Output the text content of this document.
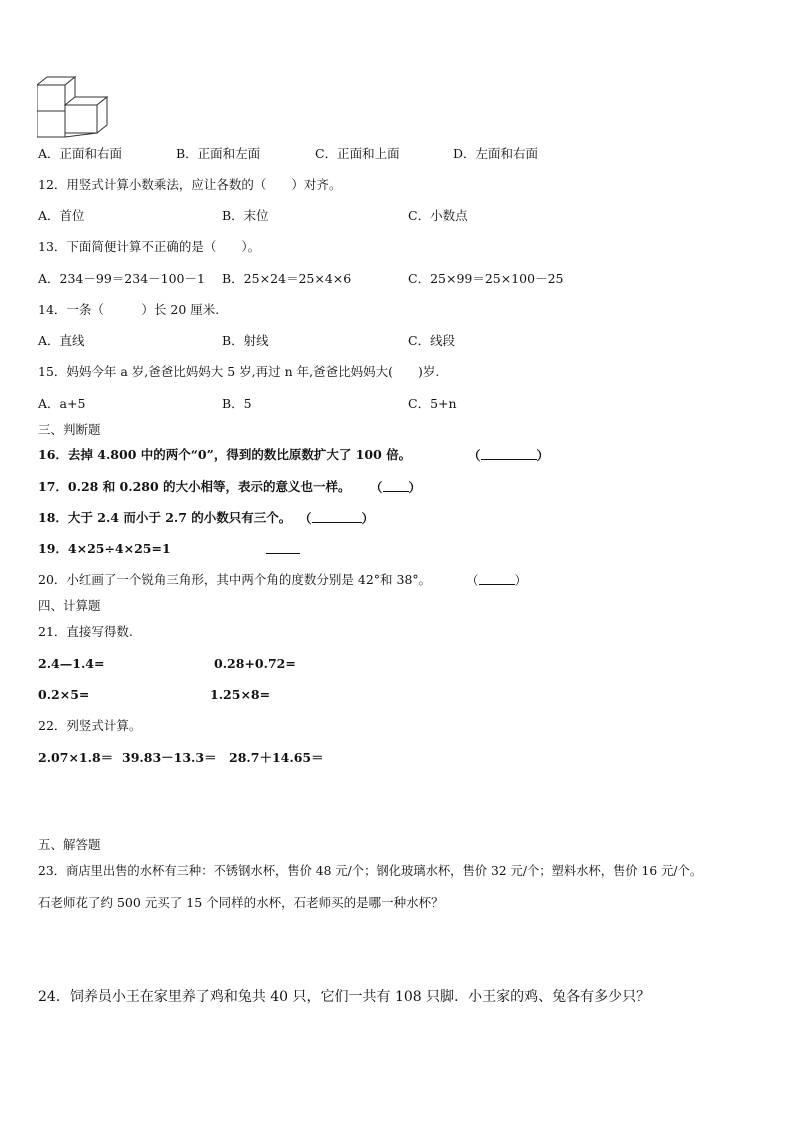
A．正面和右面	B．正面和左面	C．正面和上面	D．左面和右面
12．用竖式计算小数乘法，应让各数的（　　）对齐。
A．首位	B．末位	C．小数点
13．下面简便计算不正确的是（　　）。
A．234－99＝234－100－1 B．25×24＝25×4×6	C．25×99＝25×100－25
14．一条（　　　）长 20 厘米.
A．直线	B．射线	C．线段
15．妈妈今年 a 岁,爸爸比妈妈大 5 岁,再过 n 年,爸爸比妈妈大(　　)岁.
A．a+5	B．5	C．5+n
三、判断题
16．去掉 4.800 中的两个“0”，得到的数比原数扩大了 100 倍。	（	）
17．0.28 和 0.280 的大小相等，表示的意义也一样。 （ ）
18．大于 2.4 而小于 2.7 的小数只有三个。 （	）
19．4×25÷4×25=1
20．小红画了一个锐角三角形，其中两个角的度数分别是 42°和 38°。	（	）
四、计算题
21．直接写得数.
2.4—1.4=	0.28+0.72=
0.2×5=	1.25×8=
22．列竖式计算。
2.07×1.8＝ 39.83－13.3＝ 28.7＋14.65＝
五、解答题
23．商店里出售的水杯有三种：不锈钢水杯，售价 48 元/个；钢化玻璃水杯，售价 32 元/个；塑料水杯，售价 16 元/个。
石老师花了约 500 元买了 15 个同样的水杯，石老师买的是哪一种水杯？
24．饲养员小王在家里养了鸡和兔共 40 只，它们一共有 108 只脚．小王家的鸡、兔各有多少只？
